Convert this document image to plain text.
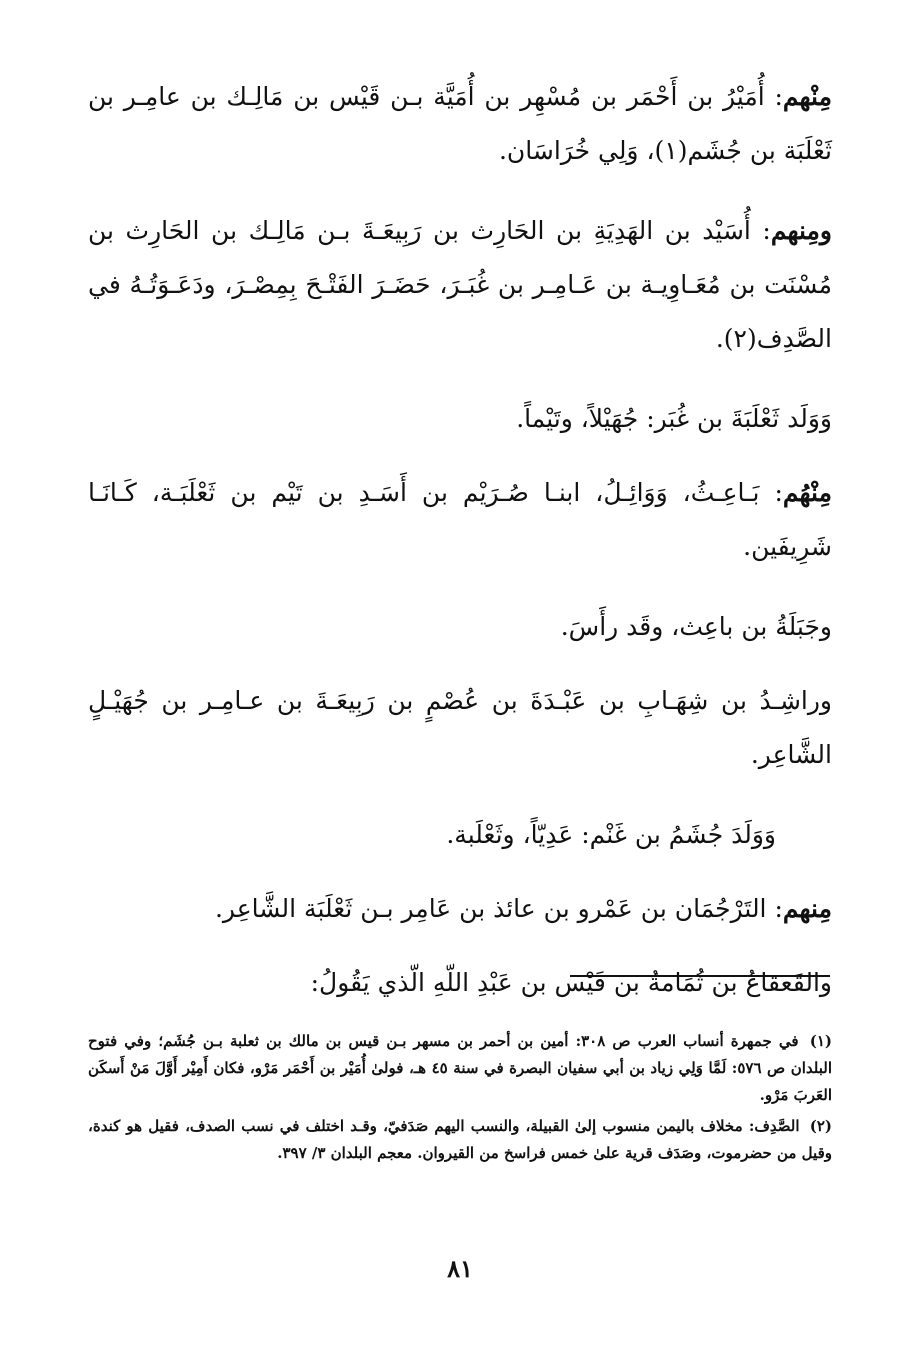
مِنْهم: أُمَيْرُ بن أَحْمَر بن مُسْهِر بن أُمَيَّة بـن قَيْس بن مَالِـك بن عامِـر بن ثَعْلَبَة بن جُشَم(١)، وَلِي خُرَاسَان.

ومِنهم: أُسَيْد بن الهَدِيَةِ بن الحَارِث بن رَبِيعَـةَ بـن مَالِـك بن الحَارِث بن مُسْنَت بن مُعَـاوِيـة بن عَـامِـر بن غُبَـرَ، حَضَـرَ الفَتْـحَ بِمِصْـرَ، ودَعَـوَتُـهُ في الصَّدِف(٢).

وَوَلَد ثَعْلَبَةَ بن غُبَر: جُهَيْلاً، وتَيْماً.

مِنْهُم: بَـاعِـثُ، وَوَائِـلُ، ابنـا صُـرَيْم بن أَسَـدِ بن تَيْم بن ثَعْلَبَـة، كَـانَـا شَرِيفَين.

وجَبَلَةُ بن باعِث، وقَد رأَسَ.

وراشِـدُ بن شِهَـابِ بن عَبْـدَةَ بن عُصْمٍ بن رَبِيعَـةَ بن عـامِـر بن جُهَيْـلٍ الشَّاعِر.

وَوَلَدَ جُشَمُ بن غَنْم: عَدِيّاً، وثَعْلَبة.

مِنهم: التَرْجُمَان بن عَمْرو بن عائذ بن عَامِر بـن ثَعْلَبَة الشَّاعِر.

والقَعقاعُ بن ثُمَامةُ بن قَيْس بن عَبْدِ اللّهِ الّذي يَقُولُ:

(١) في جمهرة أنساب العرب ص ٣٠٨: أمين بن أحمر بن مسهر بـن قيس بن مالك بن ثعلبة بـن جُشَم؛ وفي فتوح البلدان ص ٥٧٦: لَمَّا وَلِي زياد بن أبي سفيان البصرة في سنة ٤٥ هـ، فولىٰ أُمَيْر بن أَحْمَر مَرْو، فكان أَمِيْر أَوَّلَ مَنْ أَسكَن العَربَ مَرْو.

(٢) الصَّدِف: مخلاف باليمن منسوب إلىٰ القبيلة، والنسب اليهم صَدَفيّ، وقـد اختلف في نسب الصدف، فقيل هو كندة، وقيل من حضرموت، وصَدَف قرية علىٰ خمس فراسخ من القيروان. معجم البلدان ٣/ ٣٩٧.

٨١
